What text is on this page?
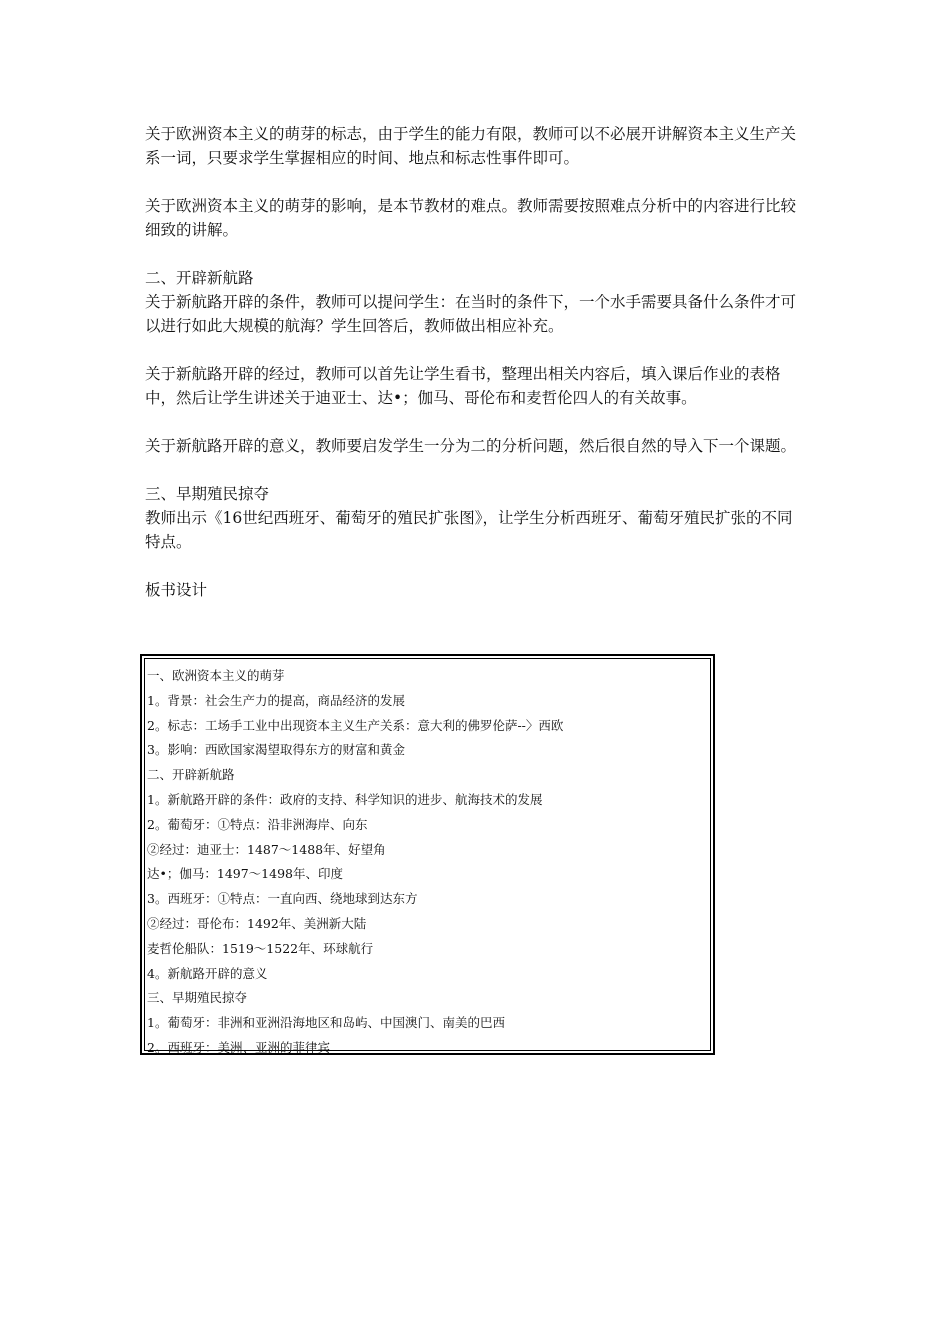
关于欧洲资本主义的萌芽的标志，由于学生的能力有限，教师可以不必展开讲解资本主义生产关系一词，只要求学生掌握相应的时间、地点和标志性事件即可。

关于欧洲资本主义的萌芽的影响，是本节教材的难点。教师需要按照难点分析中的内容进行比较细致的讲解。

二、开辟新航路

关于新航路开辟的条件，教师可以提问学生：在当时的条件下，一个水手需要具备什么条件才可以进行如此大规模的航海？学生回答后，教师做出相应补充。

关于新航路开辟的经过，教师可以首先让学生看书，整理出相关内容后，填入课后作业的表格中，然后让学生讲述关于迪亚士、达•；伽马、哥伦布和麦哲伦四人的有关故事。

关于新航路开辟的意义，教师要启发学生一分为二的分析问题，然后很自然的导入下一个课题。

三、早期殖民掠夺

教师出示《16世纪西班牙、葡萄牙的殖民扩张图》，让学生分析西班牙、葡萄牙殖民扩张的不同特点。

板书设计

一、欧洲资本主义的萌芽

1。背景：社会生产力的提高，商品经济的发展

2。标志：工场手工业中出现资本主义生产关系：意大利的佛罗伦萨--〉西欧

3。影响：西欧国家渴望取得东方的财富和黄金

二、开辟新航路

1。新航路开辟的条件：政府的支持、科学知识的进步、航海技术的发展

2。葡萄牙：①特点：沿非洲海岸、向东

②经过：迪亚士：1487～1488年、好望角

达•；伽马：1497～1498年、印度

3。西班牙：①特点：一直向西、绕地球到达东方

②经过：哥伦布：1492年、美洲新大陆

麦哲伦船队：1519～1522年、环球航行

4。新航路开辟的意义

三、早期殖民掠夺

1。葡萄牙：非洲和亚洲沿海地区和岛屿、中国澳门、南美的巴西

2。西班牙：美洲、亚洲的菲律宾
